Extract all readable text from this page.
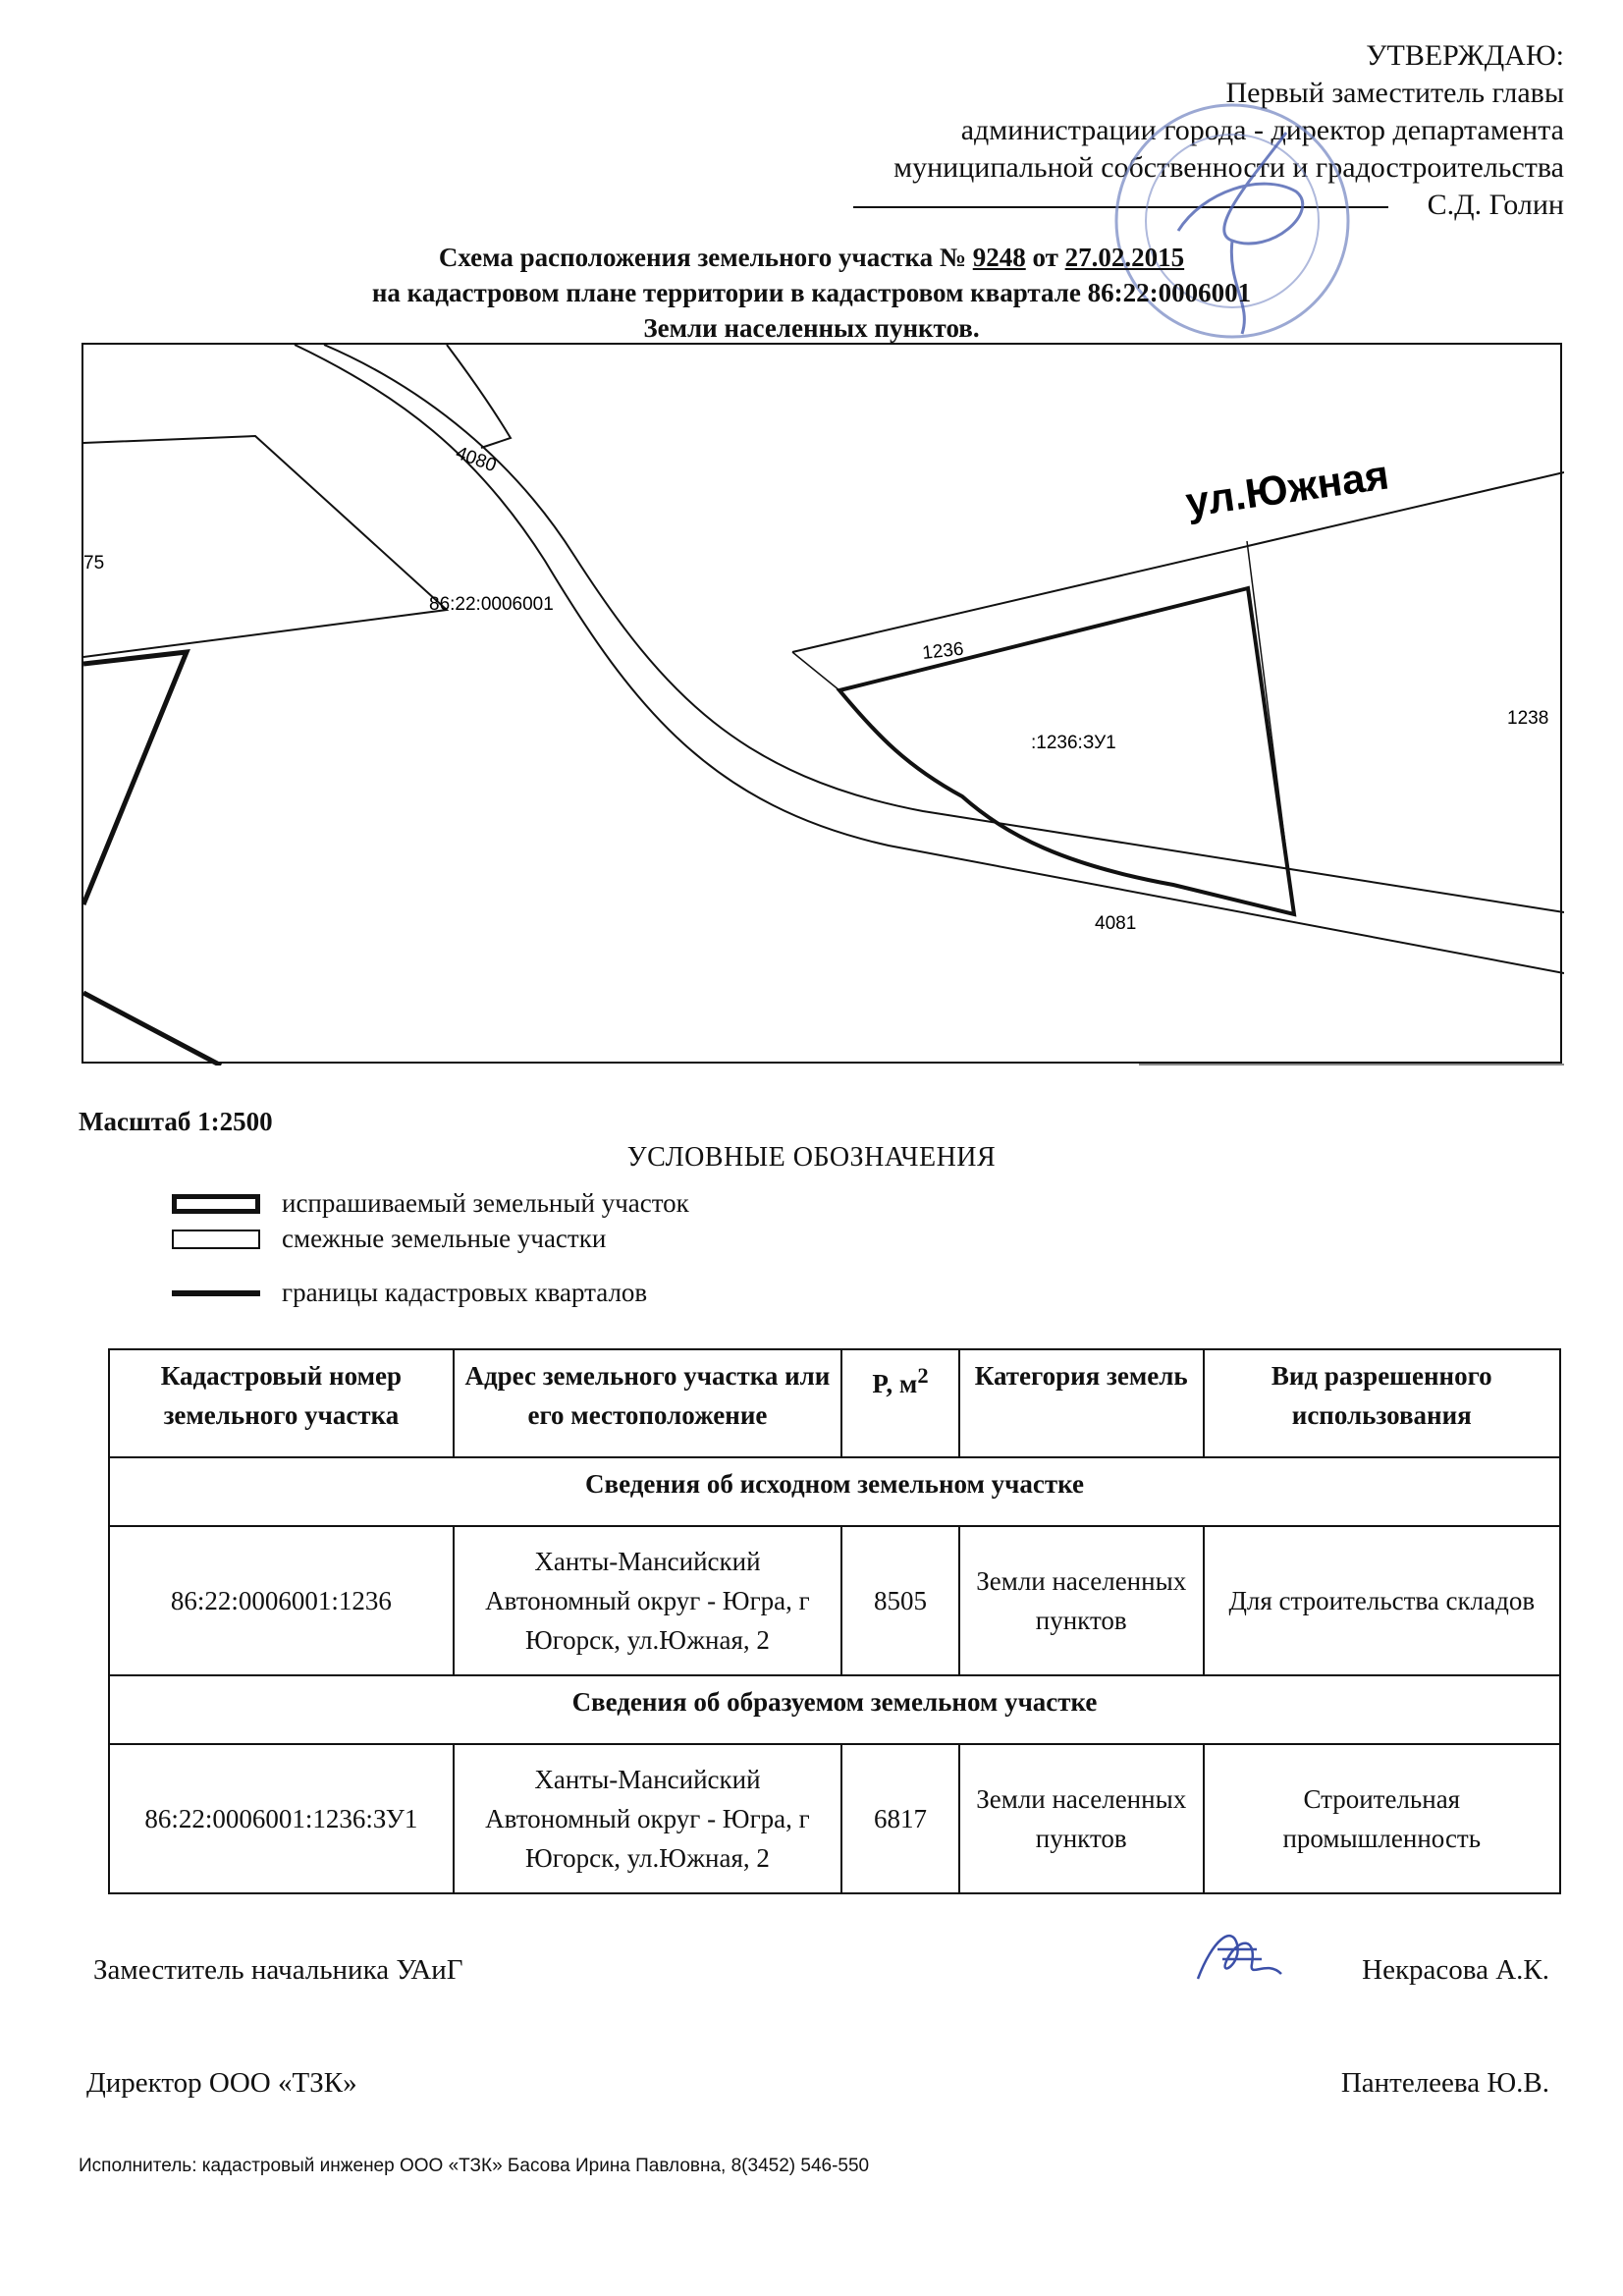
УТВЕРЖДАЮ:
Первый заместитель главы
администрации города - директор департамента
муниципальной собственности и градостроительства
С.Д. Голин
Схема расположения земельного участка № 9248 от 27.02.2015
на кадастровом плане территории в кадастровом квартале 86:22:0006001
Земли населенных пунктов.
4080
75
86:22:0006001
ул.Южная
1236
:1236:ЗУ1
1238
4081
Масштаб 1:2500
УСЛОВНЫЕ ОБОЗНАЧЕНИЯ
испрашиваемый земельный участок
смежные земельные участки
границы кадастровых кварталов
Кадастровый номер земельного участка	Адрес земельного участка или его местоположение	P, $м^2$	Категория земель	Вид разрешенного использования
Сведения об исходном земельном участке				
86:22:0006001:1236	Ханты-Мансийский Автономный округ - Югра, г Югорск, ул.Южная, 2	8505	Земли населенных пунктов	Для строительства складов
Сведения об образуемом земельном участке				
86:22:0006001:1236:ЗУ1	Ханты-Мансийский Автономный округ - Югра, г Югорск, ул.Южная, 2	6817	Земли населенных пунктов	Строительная промышленность
Заместитель начальника УАиГ	Некрасова А.К.
Директор ООО «ТЗК»	Пантелеева Ю.В.
Исполнитель: кадастровый инженер ООО «ТЗК» Басова Ирина Павловна, 8(3452) 546-550
